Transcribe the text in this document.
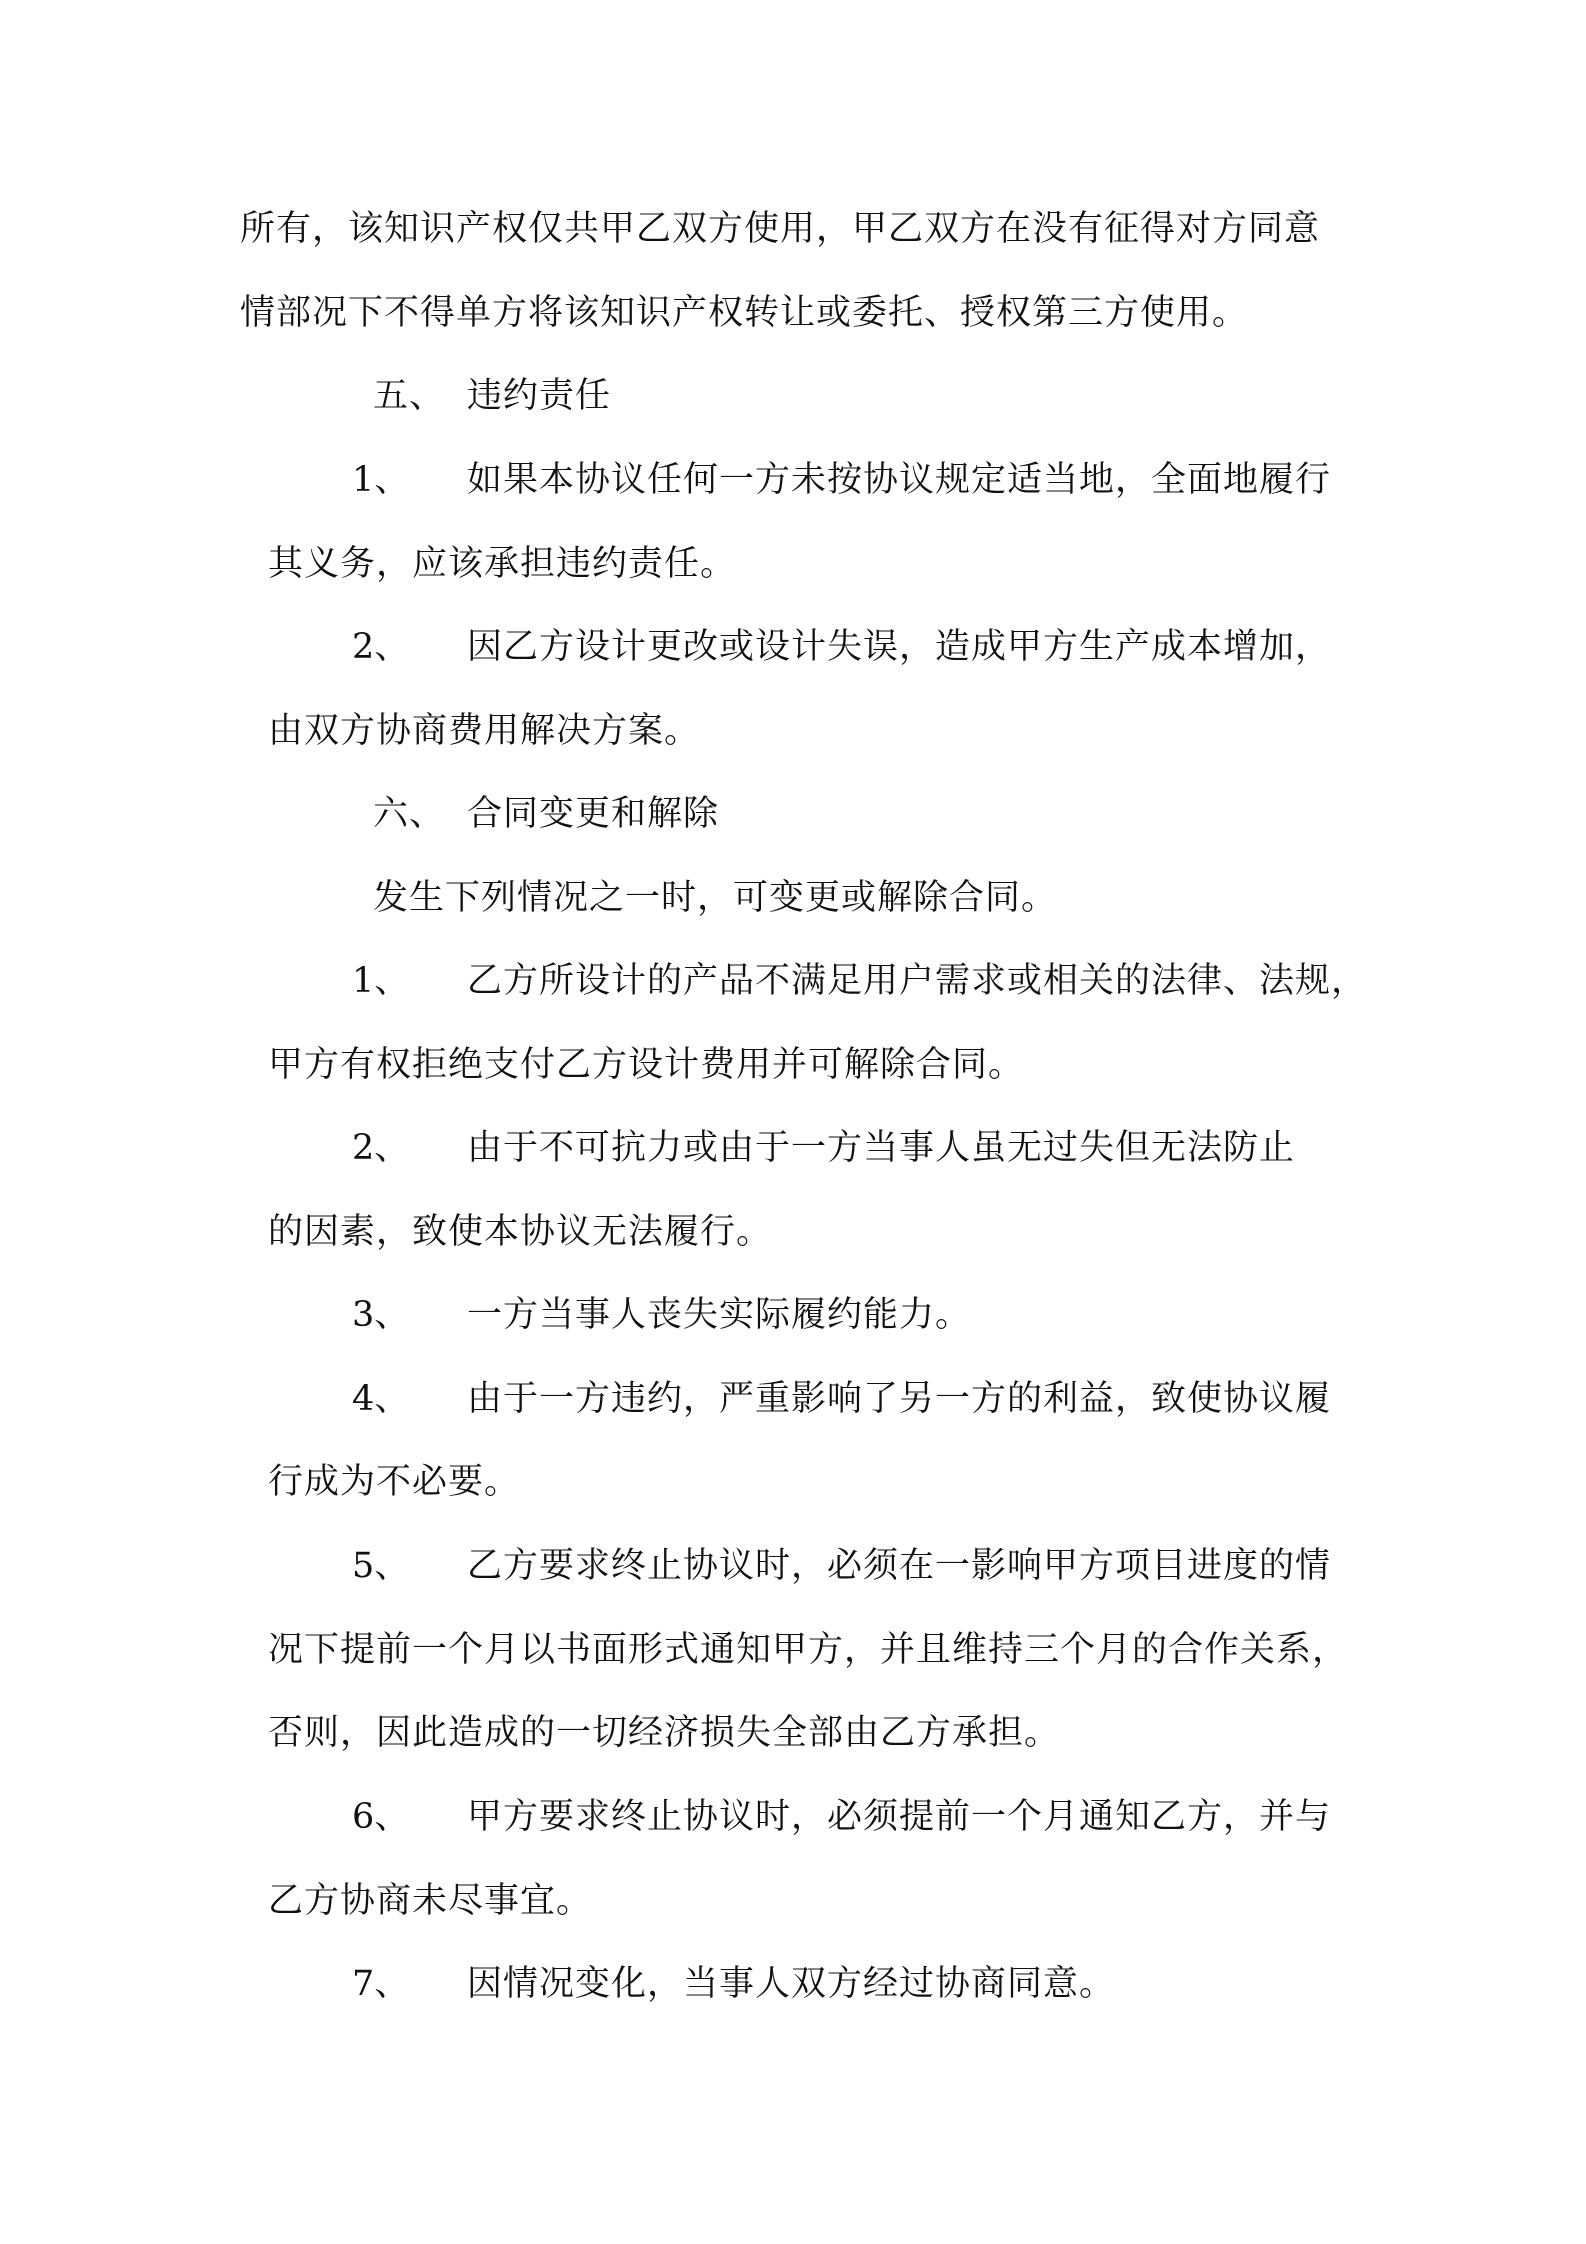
所有，该知识产权仅共甲乙双方使用，甲乙双方在没有征得对方同意
情部况下不得单方将该知识产权转让或委托、授权第三方使用。
五、 违约责任
1、 如果本协议任何一方未按协议规定适当地，全面地履行
其义务，应该承担违约责任。
2、 因乙方设计更改或设计失误，造成甲方生产成本增加，
由双方协商费用解决方案。
六、 合同变更和解除
发生下列情况之一时，可变更或解除合同。
1、 乙方所设计的产品不满足用户需求或相关的法律、法规，
甲方有权拒绝支付乙方设计费用并可解除合同。
2、 由于不可抗力或由于一方当事人虽无过失但无法防止
的因素，致使本协议无法履行。
3、 一方当事人丧失实际履约能力。
4、 由于一方违约，严重影响了另一方的利益，致使协议履
行成为不必要。
5、 乙方要求终止协议时，必须在一影响甲方项目进度的情
况下提前一个月以书面形式通知甲方，并且维持三个月的合作关系，
否则，因此造成的一切经济损失全部由乙方承担。
6、 甲方要求终止协议时，必须提前一个月通知乙方，并与
乙方协商未尽事宜。
7、 因情况变化，当事人双方经过协商同意。
